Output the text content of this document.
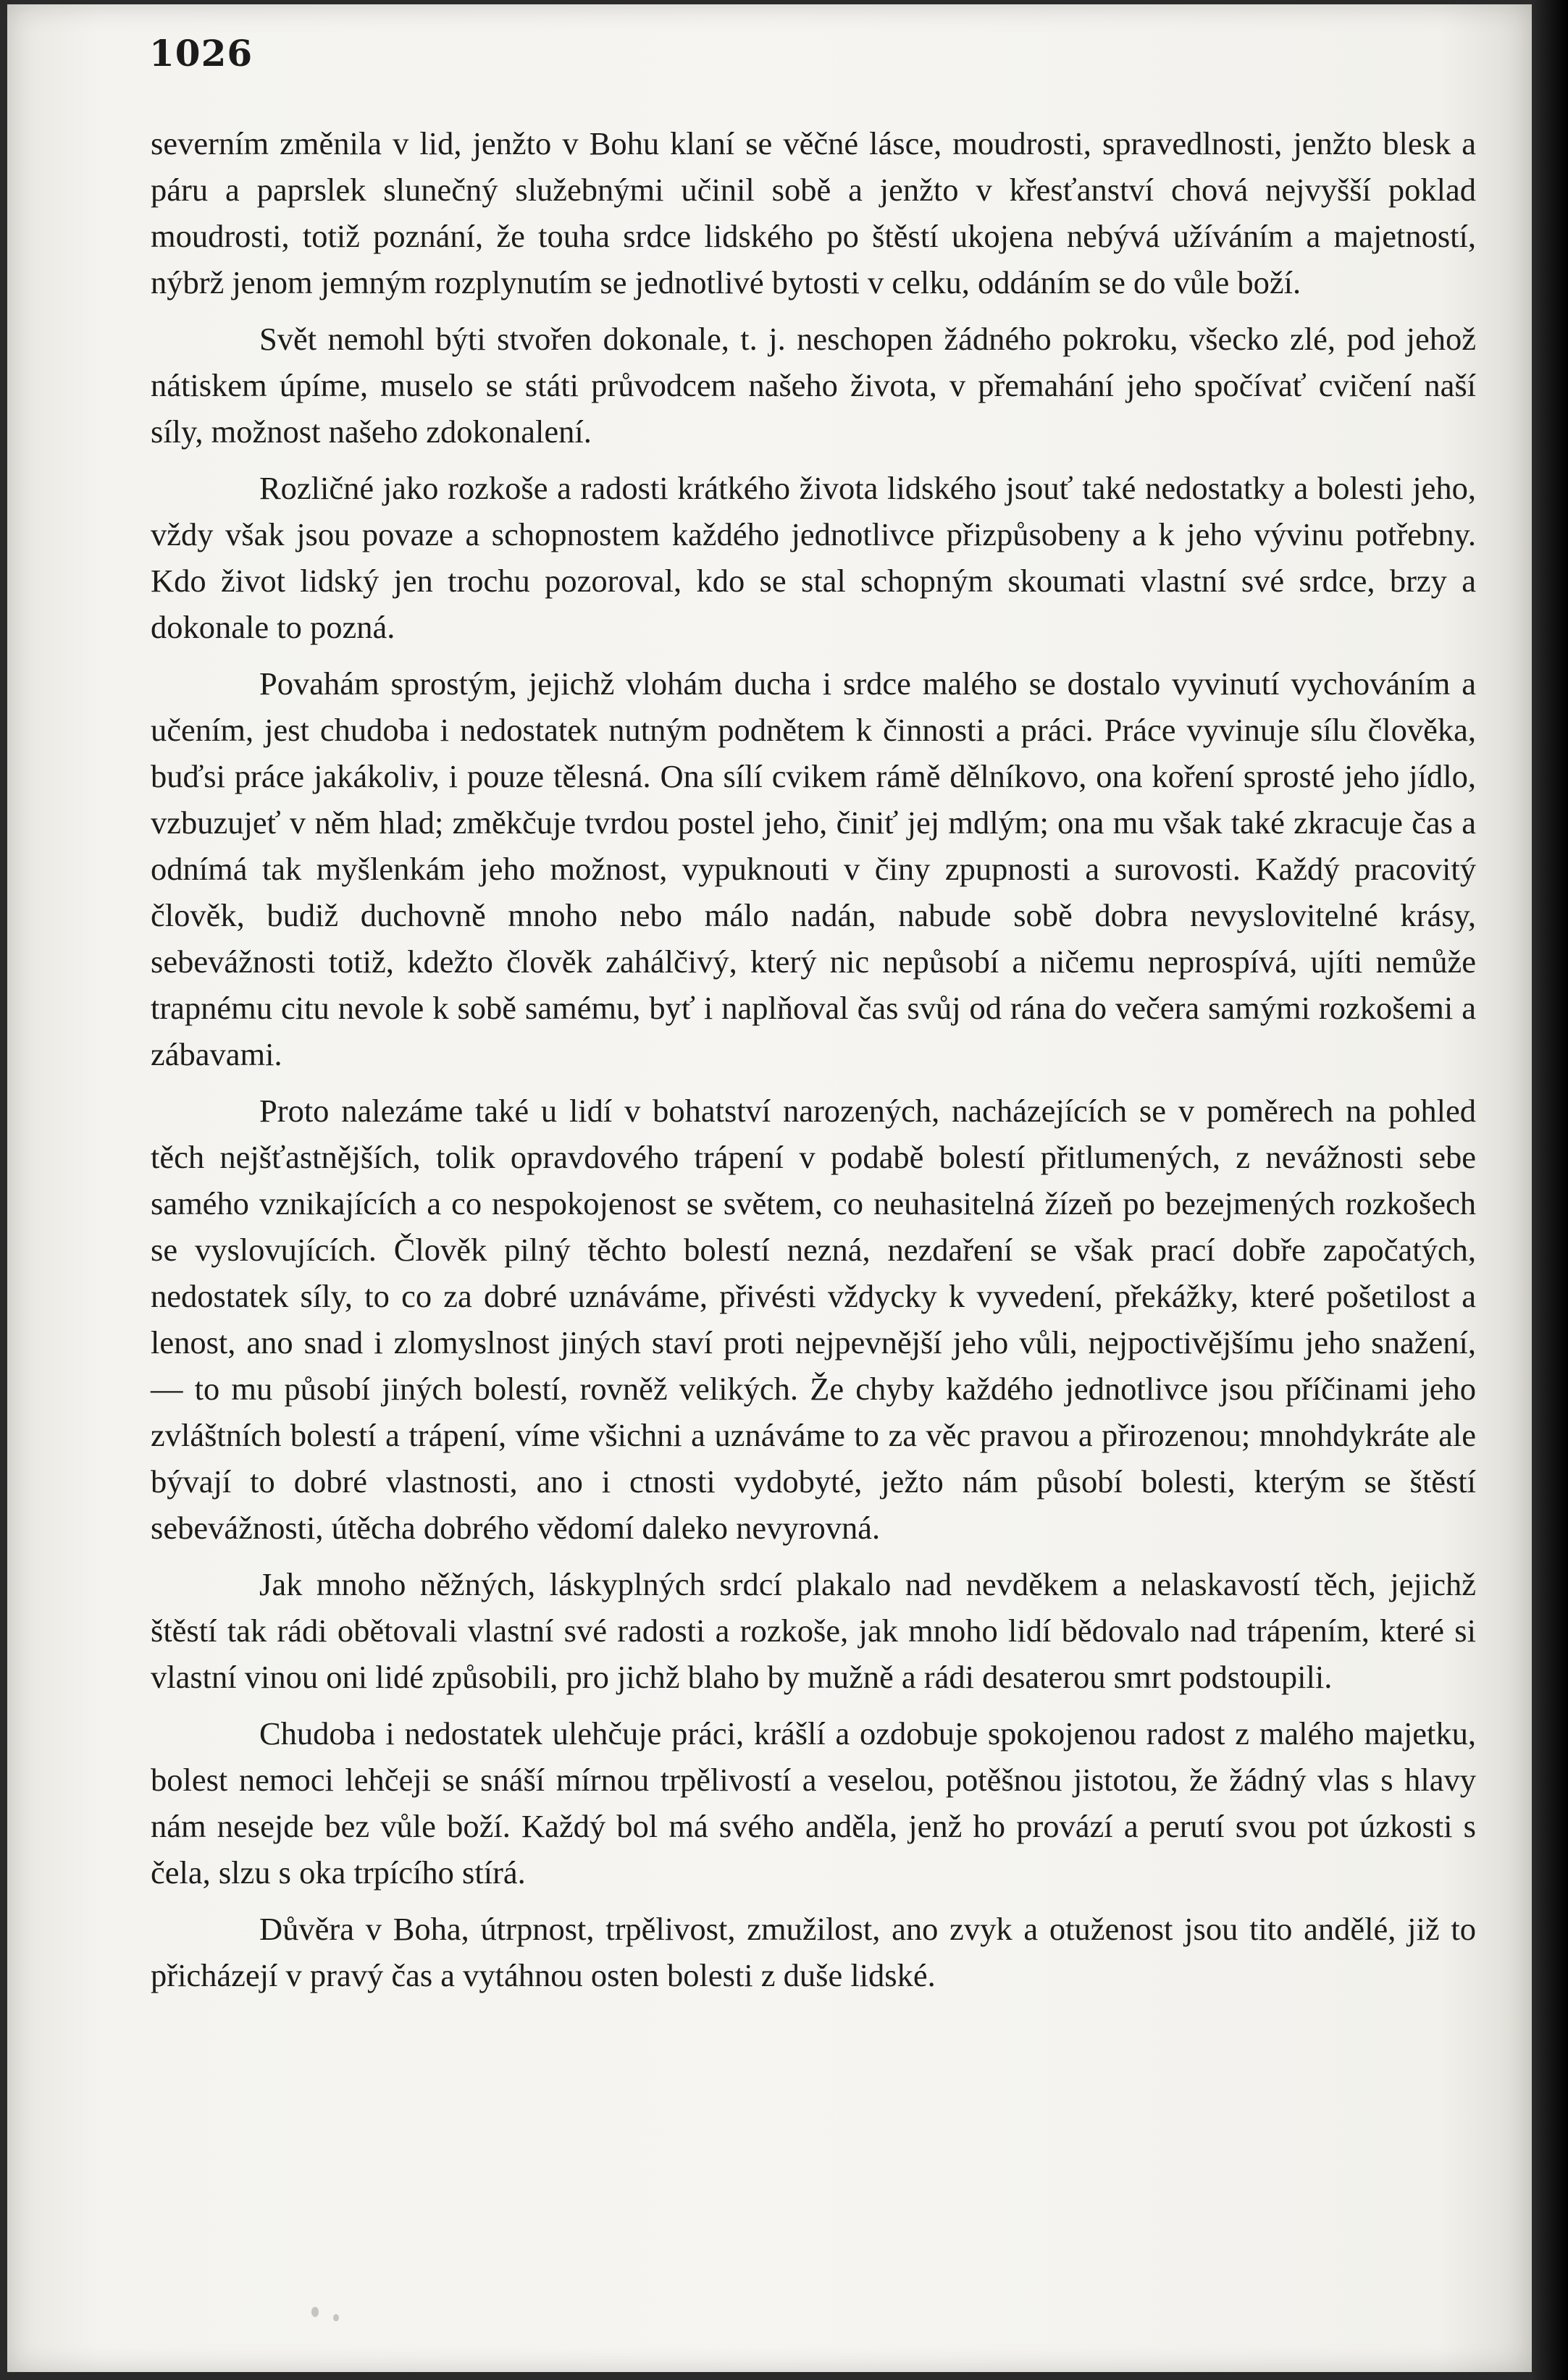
1026

severním změnila v lid, jenžto v Bohu klaní se věčné lásce, moudrosti, spravedlnosti, jenžto blesk a páru a paprslek slunečný služebnými učinil sobě a jenžto v křesťanství chová nejvyšší poklad moudrosti, totiž poznání, že touha srdce lidského po štěstí ukojena nebývá užíváním a majetností, nýbrž jenom jemným rozplynutím se jednotlivé bytosti v celku, oddáním se do vůle boží.

Svět nemohl býti stvořen dokonale, t. j. neschopen žádného pokroku, všecko zlé, pod jehož nátiskem úpíme, muselo se státi průvodcem našeho života, v přemahání jeho spočívať cvičení naší síly, možnost našeho zdokonalení.

Rozličné jako rozkoše a radosti krátkého života lidského jsouť také nedostatky a bolesti jeho, vždy však jsou povaze a schopnostem každého jednotlivce přizpůsobeny a k jeho vývinu potřebny. Kdo život lidský jen trochu pozoroval, kdo se stal schopným skoumati vlastní své srdce, brzy a dokonale to pozná.

Povahám sprostým, jejichž vlohám ducha i srdce malého se dostalo vyvinutí vychováním a učením, jest chudoba i nedostatek nutným podnětem k činnosti a práci. Práce vyvinuje sílu člověka, buďsi práce jakákoliv, i pouze tělesná. Ona sílí cvikem rámě dělníkovo, ona koření sprosté jeho jídlo, vzbuzujeť v něm hlad; změkčuje tvrdou postel jeho, činiť jej mdlým; ona mu však také zkracuje čas a odnímá tak myšlenkám jeho možnost, vypuknouti v činy zpupnosti a surovosti. Každý pracovitý člověk, budiž duchovně mnoho nebo málo nadán, nabude sobě dobra nevyslovitelné krásy, sebevážnosti totiž, kdežto člověk zahálčivý, který nic nepůsobí a ničemu neprospívá, ujíti nemůže trapnému citu nevole k sobě samému, byť i naplňoval čas svůj od rána do večera samými rozkošemi a zábavami.

Proto nalezáme také u lidí v bohatství narozených, nacházejících se v poměrech na pohled těch nejšťastnějších, tolik opravdového trápení v podabě bolestí přitlumených, z nevážnosti sebe samého vznikajících a co nespokojenost se světem, co neuhasitelná žízeň po bezejmených rozkošech se vyslovujících. Člověk pilný těchto bolestí nezná, nezdaření se však prací dobře započatých, nedostatek síly, to co za dobré uznáváme, přivésti vždycky k vyvedení, překážky, které pošetilost a lenost, ano snad i zlomyslnost jiných staví proti nejpevnější jeho vůli, nejpoctivějšímu jeho snažení, — to mu působí jiných bolestí, rovněž velikých. Že chyby každého jednotlivce jsou příčinami jeho zvláštních bolestí a trápení, víme všichni a uznáváme to za věc pravou a přirozenou; mnohdykráte ale bývají to dobré vlastnosti, ano i ctnosti vydobyté, ježto nám působí bolesti, kterým se štěstí sebevážnosti, útěcha dobrého vědomí daleko nevyrovná.

Jak mnoho něžných, láskyplných srdcí plakalo nad nevděkem a nelaskavostí těch, jejichž štěstí tak rádi obětovali vlastní své radosti a rozkoše, jak mnoho lidí bědovalo nad trápením, které si vlastní vinou oni lidé způsobili, pro jichž blaho by mužně a rádi desaterou smrt podstoupili.

Chudoba i nedostatek ulehčuje práci, krášlí a ozdobuje spokojenou radost z malého majetku, bolest nemoci lehčeji se snáší mírnou trpělivostí a veselou, potěšnou jistotou, že žádný vlas s hlavy nám nesejde bez vůle boží. Každý bol má svého anděla, jenž ho provází a perutí svou pot úzkosti s čela, slzu s oka trpícího stírá.

Důvěra v Boha, útrpnost, trpělivost, zmužilost, ano zvyk a otuženost jsou tito andělé, již to přicházejí v pravý čas a vytáhnou osten bolesti z duše lidské.
